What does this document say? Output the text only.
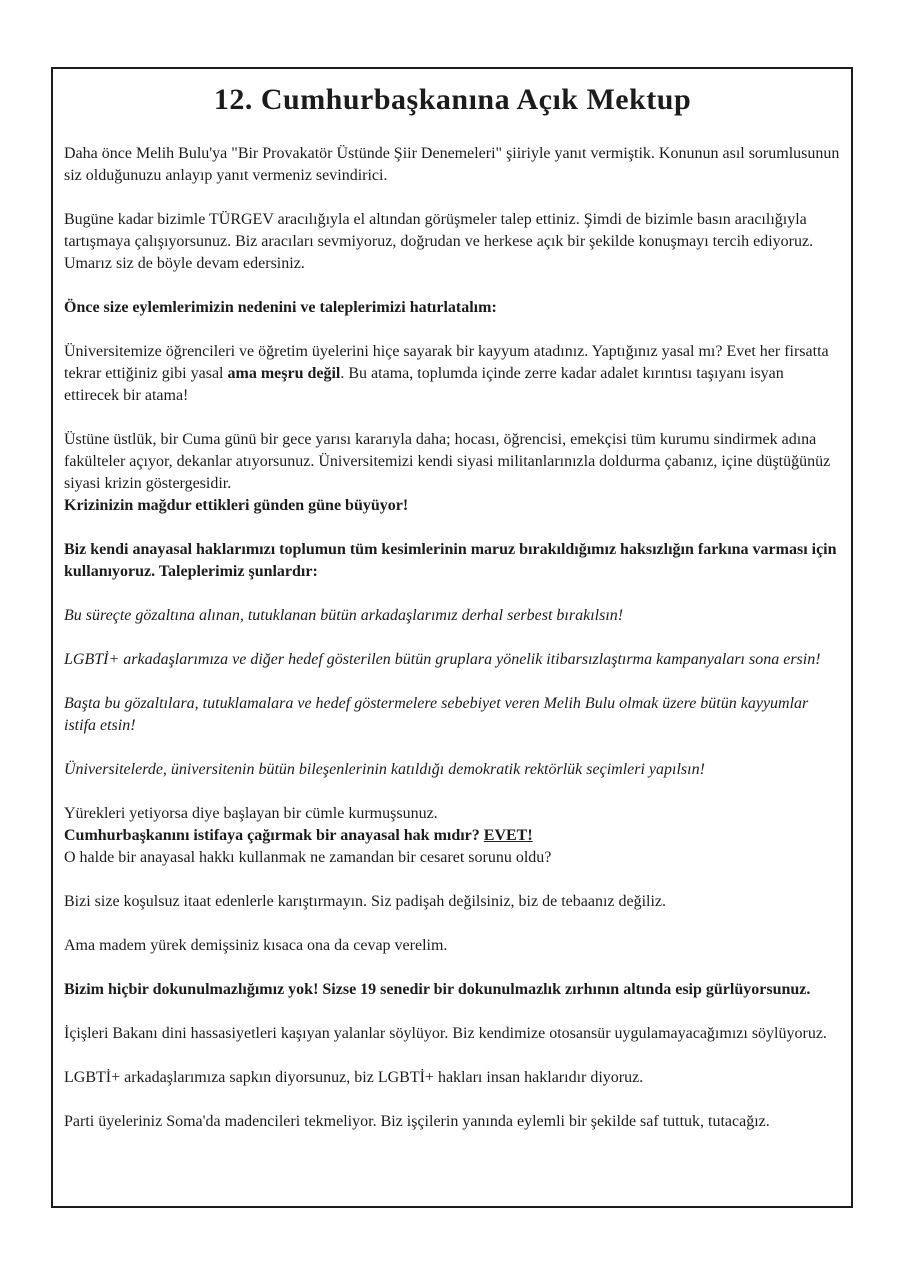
12. Cumhurbaşkanına Açık Mektup

Daha önce Melih Bulu'ya "Bir Provakatör Üstünde Şiir Denemeleri" şiiriyle yanıt vermiştik. Konunun asıl sorumlusunun siz olduğunuzu anlayıp yanıt vermeniz sevindirici.

Bugüne kadar bizimle TÜRGEV aracılığıyla el altından görüşmeler talep ettiniz. Şimdi de bizimle basın aracılığıyla tartışmaya çalışıyorsunuz. Biz aracıları sevmiyoruz, doğrudan ve herkese açık bir şekilde konuşmayı tercih ediyoruz. Umarız siz de böyle devam edersiniz.

Önce size eylemlerimizin nedenini ve taleplerimizi hatırlatalım:

Üniversitemize öğrencileri ve öğretim üyelerini hiçe sayarak bir kayyum atadınız. Yaptığınız yasal mı? Evet her firsatta tekrar ettiğiniz gibi yasal ama meşru değil. Bu atama, toplumda içinde zerre kadar adalet kırıntısı taşıyanı isyan ettirecek bir atama!

Üstüne üstlük, bir Cuma günü bir gece yarısı kararıyla daha; hocası, öğrencisi, emekçisi tüm kurumu sindirmek adına fakülteler açıyor, dekanlar atıyorsunuz. Üniversitemizi kendi siyasi militanlarınızla doldurma çabanız, içine düştüğünüz siyasi krizin göstergesidir.
Krizinizin mağdur ettikleri günden güne büyüyor!

Biz kendi anayasal haklarımızı toplumun tüm kesimlerinin maruz bırakıldığımız haksızlığın farkına varması için kullanıyoruz. Taleplerimiz şunlardır:

Bu süreçte gözaltına alınan, tutuklanan bütün arkadaşlarımız derhal serbest bırakılsın!

LGBTİ+ arkadaşlarımıza ve diğer hedef gösterilen bütün gruplara yönelik itibarsızlaştırma kampanyaları sona ersin!

Başta bu gözaltılara, tutuklamalara ve hedef göstermelere sebebiyet veren Melih Bulu olmak üzere bütün kayyumlar istifa etsin!

Üniversitelerde, üniversitenin bütün bileşenlerinin katıldığı demokratik rektörlük seçimleri yapılsın!

Yürekleri yetiyorsa diye başlayan bir cümle kurmuşsunuz.
Cumhurbaşkanını istifaya çağırmak bir anayasal hak mıdır? EVET!
O halde bir anayasal hakkı kullanmak ne zamandan bir cesaret sorunu oldu?

Bizi size koşulsuz itaat edenlerle karıştırmayın. Siz padişah değilsiniz, biz de tebaanız değiliz.

Ama madem yürek demişsiniz kısaca ona da cevap verelim.

Bizim hiçbir dokunulmazlığımız yok! Sizse 19 senedir bir dokunulmazlık zırhının altında esip gürlüyorsunuz.

İçişleri Bakanı dini hassasiyetleri kaşıyan yalanlar söylüyor. Biz kendimize otosansür uygulamayacağımızı söylüyoruz.

LGBTİ+ arkadaşlarımıza sapkın diyorsunuz, biz LGBTİ+ hakları insan haklarıdır diyoruz.

Parti üyeleriniz Soma'da madencileri tekmeliyor. Biz işçilerin yanında eylemli bir şekilde saf tuttuk, tutacağız.
